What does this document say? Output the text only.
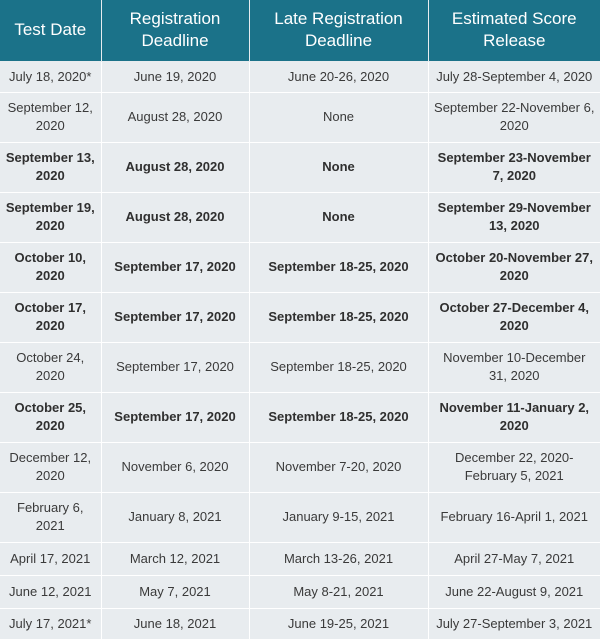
Test Date	Registration Deadline	Late Registration Deadline	Estimated Score Release
July 18, 2020*	June 19, 2020	June 20-26, 2020	July 28-September 4, 2020
September 12, 2020	August 28, 2020	None	September 22-November 6, 2020
September 13, 2020	August 28, 2020	None	September 23-November 7, 2020
September 19, 2020	August 28, 2020	None	September 29-November 13, 2020
October 10, 2020	September 17, 2020	September 18-25, 2020	October 20-November 27, 2020
October 17, 2020	September 17, 2020	September 18-25, 2020	October 27-December 4, 2020
October 24, 2020	September 17, 2020	September 18-25, 2020	November 10-December 31, 2020
October 25, 2020	September 17, 2020	September 18-25, 2020	November 11-January 2, 2020
December 12, 2020	November 6, 2020	November 7-20, 2020	December 22, 2020-February 5, 2021
February 6, 2021	January 8, 2021	January 9-15, 2021	February 16-April 1, 2021
April 17, 2021	March 12, 2021	March 13-26, 2021	April 27-May 7, 2021
June 12, 2021	May 7, 2021	May 8-21, 2021	June 22-August 9, 2021
July 17, 2021*	June 18, 2021	June 19-25, 2021	July 27-September 3, 2021
